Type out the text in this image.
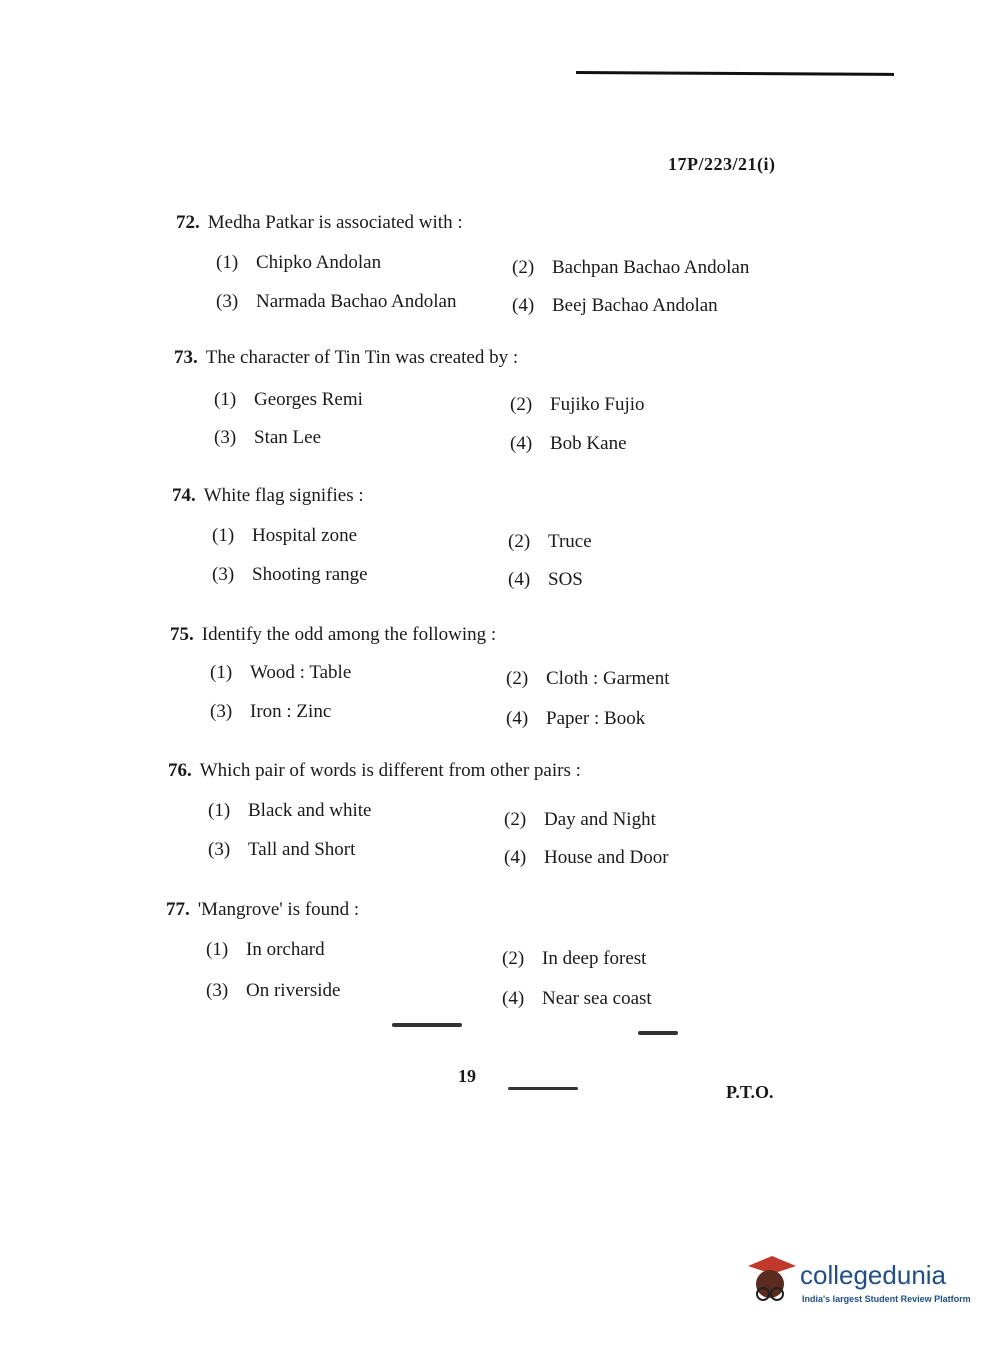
17P/223/21(i)
72. Medha Patkar is associated with :
(1) Chipko Andolan	(2) Bachpan Bachao Andolan
(3) Narmada Bachao Andolan	(4) Beej Bachao Andolan
73. The character of Tin Tin was created by :
(1) Georges Remi	(2) Fujiko Fujio
(3) Stan Lee	(4) Bob Kane
74. White flag signifies :
(1) Hospital zone	(2) Truce
(3) Shooting range	(4) SOS
75. Identify the odd among the following :
(1) Wood : Table	(2) Cloth : Garment
(3) Iron : Zinc	(4) Paper : Book
76. Which pair of words is different from other pairs :
(1) Black and white	(2) Day and Night
(3) Tall and Short	(4) House and Door
77. 'Mangrove' is found :
(1) In orchard	(2) In deep forest
(3) On riverside	(4) Near sea coast
19
P.T.O.
collegedunia
India's largest Student Review Platform
